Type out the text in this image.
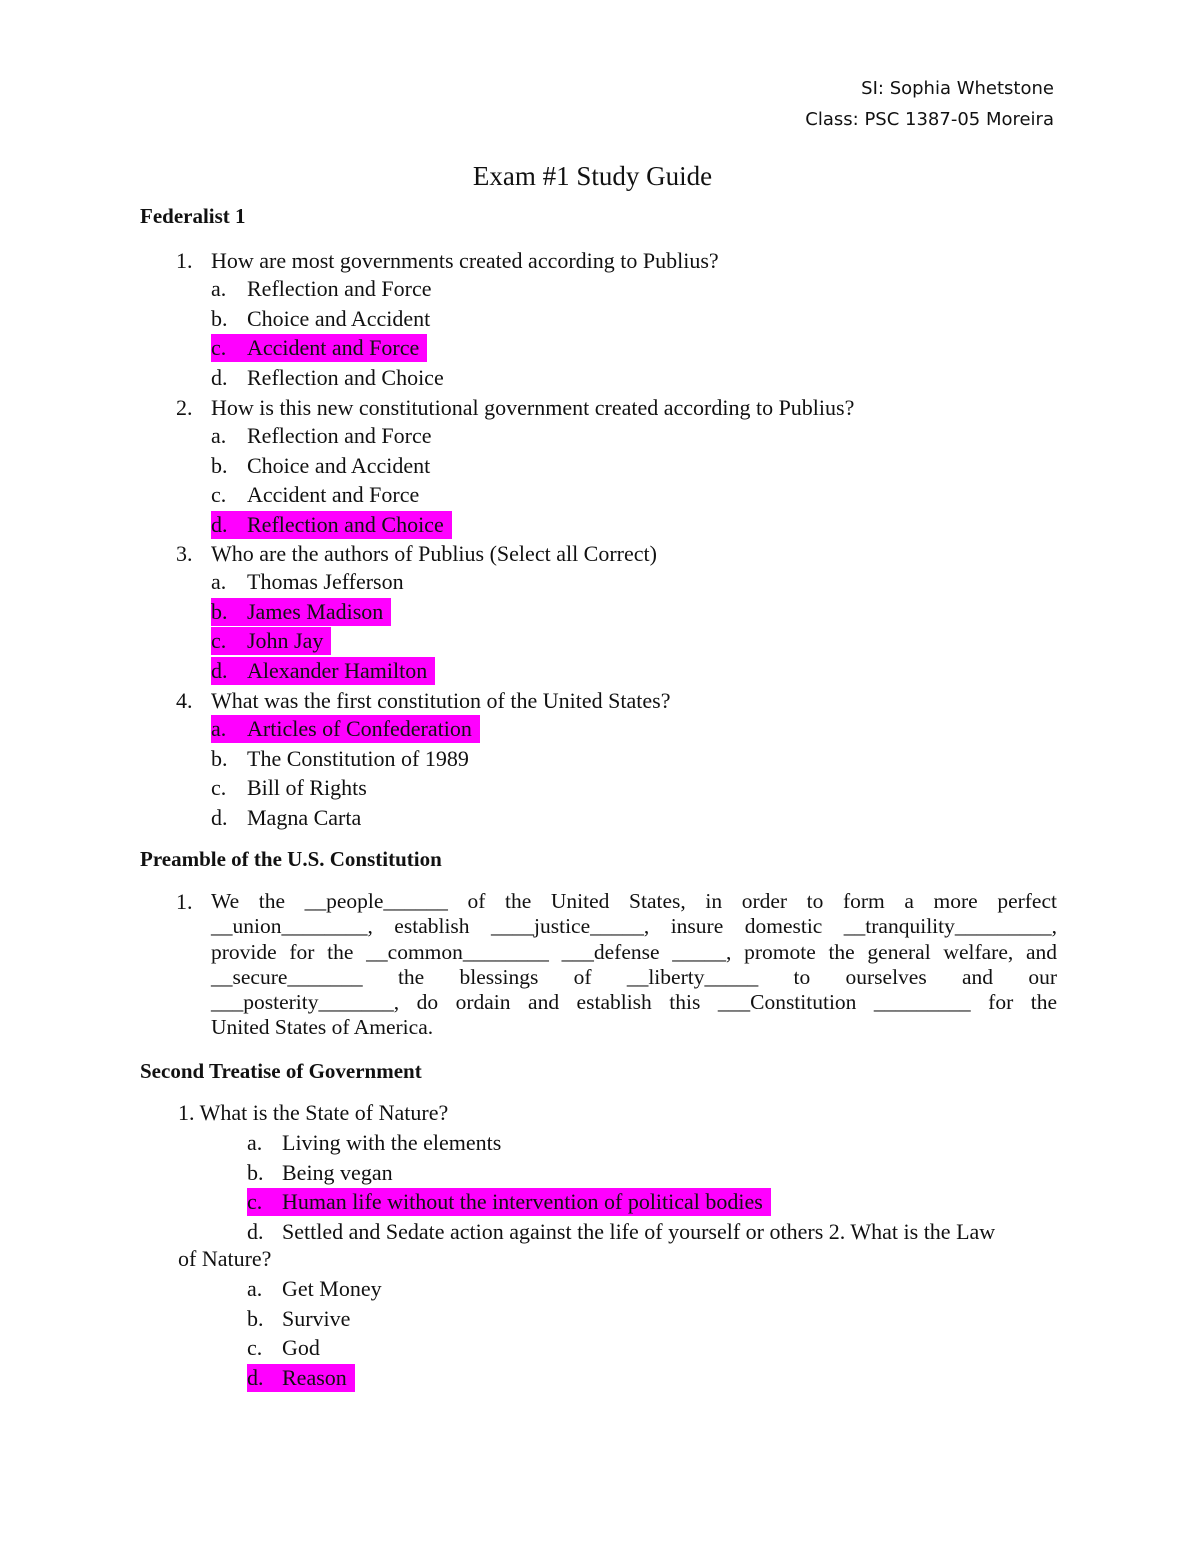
SI: Sophia Whetstone
Class: PSC 1387-05 Moreira
Exam #1 Study Guide
Federalist 1
1. How are most governments created according to Publius?
a. Reflection and Force
b. Choice and Accident
c. Accident and Force
d. Reflection and Choice
2. How is this new constitutional government created according to Publius?
a. Reflection and Force
b. Choice and Accident
c. Accident and Force
d. Reflection and Choice
3. Who are the authors of Publius (Select all Correct)
a. Thomas Jefferson
b. James Madison
c. John Jay
d. Alexander Hamilton
4. What was the first constitution of the United States?
a. Articles of Confederation
b. The Constitution of 1989
c. Bill of Rights
d. Magna Carta
Preamble of the U.S. Constitution
1. We the __people______ of the United States, in order to form a more perfect
__union________, establish ____justice_____, insure domestic __tranquility_________,
provide for the __common________ ___defense _____, promote the general welfare, and
__secure_______ the blessings of __liberty_____ to ourselves and our
___posterity_______, do ordain and establish this ___Constitution _________ for the
United States of America.
Second Treatise of Government
1. What is the State of Nature?
a. Living with the elements
b. Being vegan
c. Human life without the intervention of political bodies
d. Settled and Sedate action against the life of yourself or others 2. What is the Law
of Nature?
a. Get Money
b. Survive
c. God
d. Reason
